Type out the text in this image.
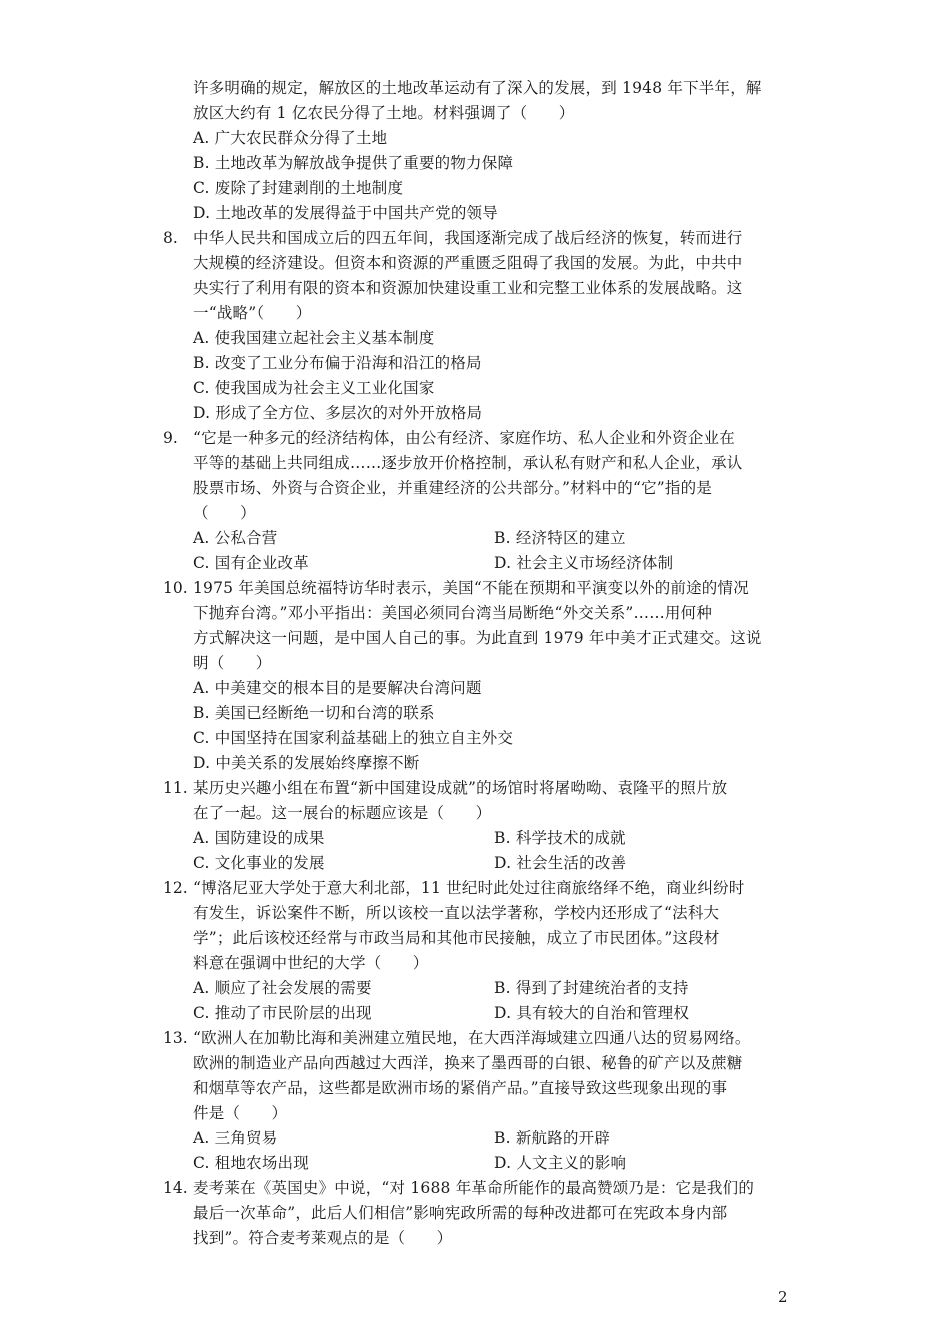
许多明确的规定，解放区的土地改革运动有了深入的发展，到 1948 年下半年，解
放区大约有 1 亿农民分得了土地。材料强调了（　　）
A. 广大农民群众分得了土地
B. 土地改革为解放战争提供了重要的物力保障
C. 废除了封建剥削的土地制度
D. 土地改革的发展得益于中国共产党的领导
8. 中华人民共和国成立后的四五年间，我国逐渐完成了战后经济的恢复，转而进行
大规模的经济建设。但资本和资源的严重匮乏阻碍了我国的发展。为此，中共中
央实行了利用有限的资本和资源加快建设重工业和完整工业体系的发展战略。这
一“战略”（　　）
A. 使我国建立起社会主义基本制度
B. 改变了工业分布偏于沿海和沿江的格局
C. 使我国成为社会主义工业化国家
D. 形成了全方位、多层次的对外开放格局
9. “它是一种多元的经济结构体，由公有经济、家庭作坊、私人企业和外资企业在
平等的基础上共同组成……逐步放开价格控制，承认私有财产和私人企业，承认
股票市场、外资与合资企业，并重建经济的公共部分。”材料中的“它”指的是
（　　）
A. 公私合营	B. 经济特区的建立
C. 国有企业改革	D. 社会主义市场经济体制
10. 1975 年美国总统福特访华时表示，美国“不能在预期和平演变以外的前途的情况
下抛弃台湾。”邓小平指出：美国必须同台湾当局断绝“外交关系”……用何种
方式解决这一问题，是中国人自己的事。为此直到 1979 年中美才正式建交。这说
明（　　）
A. 中美建交的根本目的是要解决台湾问题
B. 美国已经断绝一切和台湾的联系
C. 中国坚持在国家利益基础上的独立自主外交
D. 中美关系的发展始终摩擦不断
11. 某历史兴趣小组在布置“新中国建设成就”的场馆时将屠呦呦、袁隆平的照片放
在了一起。这一展台的标题应该是（　　）
A. 国防建设的成果	B. 科学技术的成就
C. 文化事业的发展	D. 社会生活的改善
12. “博洛尼亚大学处于意大利北部，11 世纪时此处过往商旅络绎不绝，商业纠纷时
有发生，诉讼案件不断，所以该校一直以法学著称，学校内还形成了“法科大
学”；此后该校还经常与市政当局和其他市民接触，成立了市民团体。”这段材
料意在强调中世纪的大学（　　）
A. 顺应了社会发展的需要	B. 得到了封建统治者的支持
C. 推动了市民阶层的出现	D. 具有较大的自治和管理权
13. “欧洲人在加勒比海和美洲建立殖民地，在大西洋海域建立四通八达的贸易网络。
欧洲的制造业产品向西越过大西洋，换来了墨西哥的白银、秘鲁的矿产以及蔗糖
和烟草等农产品，这些都是欧洲市场的紧俏产品。”直接导致这些现象出现的事
件是（　　）
A. 三角贸易	B. 新航路的开辟
C. 租地农场出现	D. 人文主义的影响
14. 麦考莱在《英国史》中说，“对 1688 年革命所能作的最高赞颂乃是：它是我们的
最后一次革命”，此后人们相信”影响宪政所需的每种改进都可在宪政本身内部
找到”。符合麦考莱观点的是（　　）
2
